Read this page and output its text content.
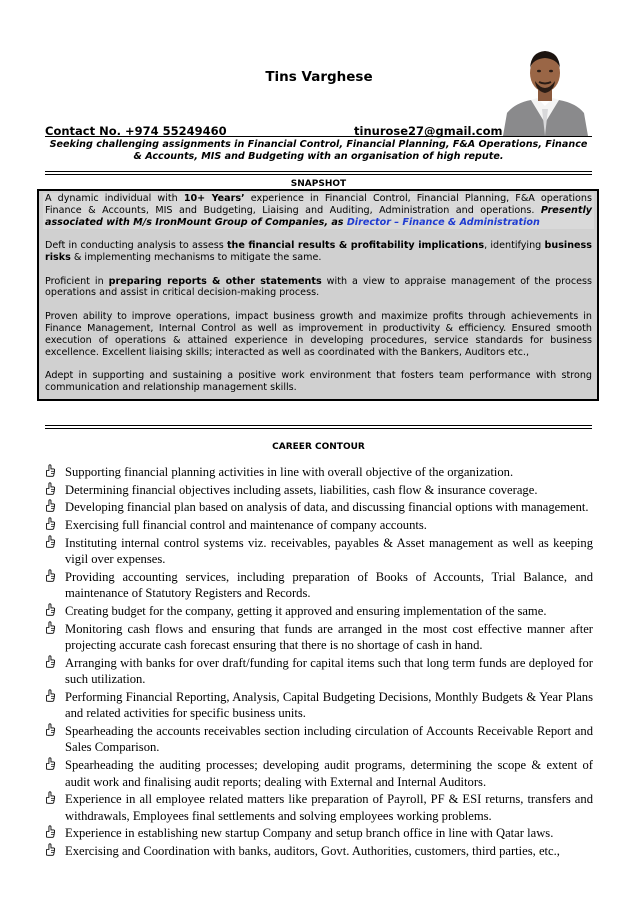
Tins Varghese
Contact No. +974 55249460	tinurose27@gmail.com
Seeking challenging assignments in Financial Control, Financial Planning, F&A Operations, Finance & Accounts, MIS and Budgeting with an organisation of high repute.
SNAPSHOT

A dynamic individual with 10+ Years’ experience in Financial Control, Financial Planning, F&A operations Finance & Accounts, MIS and Budgeting, Liaising and Auditing, Administration and operations. Presently associated with M/s IronMount Group of Companies, as Director – Finance & Administration

Deft in conducting analysis to assess the financial results & profitability implications, identifying business risks & implementing mechanisms to mitigate the same.

Proficient in preparing reports & other statements with a view to appraise management of the process operations and assist in critical decision-making process.

Proven ability to improve operations, impact business growth and maximize profits through achievements in Finance Management, Internal Control as well as improvement in productivity & efficiency. Ensured smooth execution of operations & attained experience in developing procedures, service standards for business excellence. Excellent liaising skills; interacted as well as coordinated with the Bankers, Auditors etc.,

Adept in supporting and sustaining a positive work environment that fosters team performance with strong communication and relationship management skills.

CAREER CONTOUR
Supporting financial planning activities in line with overall objective of the organization.
Determining financial objectives including assets, liabilities, cash flow & insurance coverage.
Developing financial plan based on analysis of data, and discussing financial options with management.
Exercising full financial control and maintenance of company accounts.
Instituting internal control systems viz. receivables, payables & Asset management as well as keeping vigil over expenses.
Providing accounting services, including preparation of Books of Accounts, Trial Balance, and maintenance of Statutory Registers and Records.
Creating budget for the company, getting it approved and ensuring implementation of the same.
Monitoring cash flows and ensuring that funds are arranged in the most cost effective manner after projecting accurate cash forecast ensuring that there is no shortage of cash in hand.
Arranging with banks for over draft/funding for capital items such that long term funds are deployed for such utilization.
Performing Financial Reporting, Analysis, Capital Budgeting Decisions, Monthly Budgets & Year Plans and related activities for specific business units.
Spearheading the accounts receivables section including circulation of Accounts Receivable Report and Sales Comparison.
Spearheading the auditing processes; developing audit programs, determining the scope & extent of audit work and finalising audit reports; dealing with External and Internal Auditors.
Experience in all employee related matters like preparation of Payroll, PF & ESI returns, transfers and withdrawals, Employees final settlements and solving employees working problems.
Experience in establishing new startup Company and setup branch office in line with Qatar laws.
Exercising and Coordination with banks, auditors, Govt. Authorities, customers, third parties, etc.,
